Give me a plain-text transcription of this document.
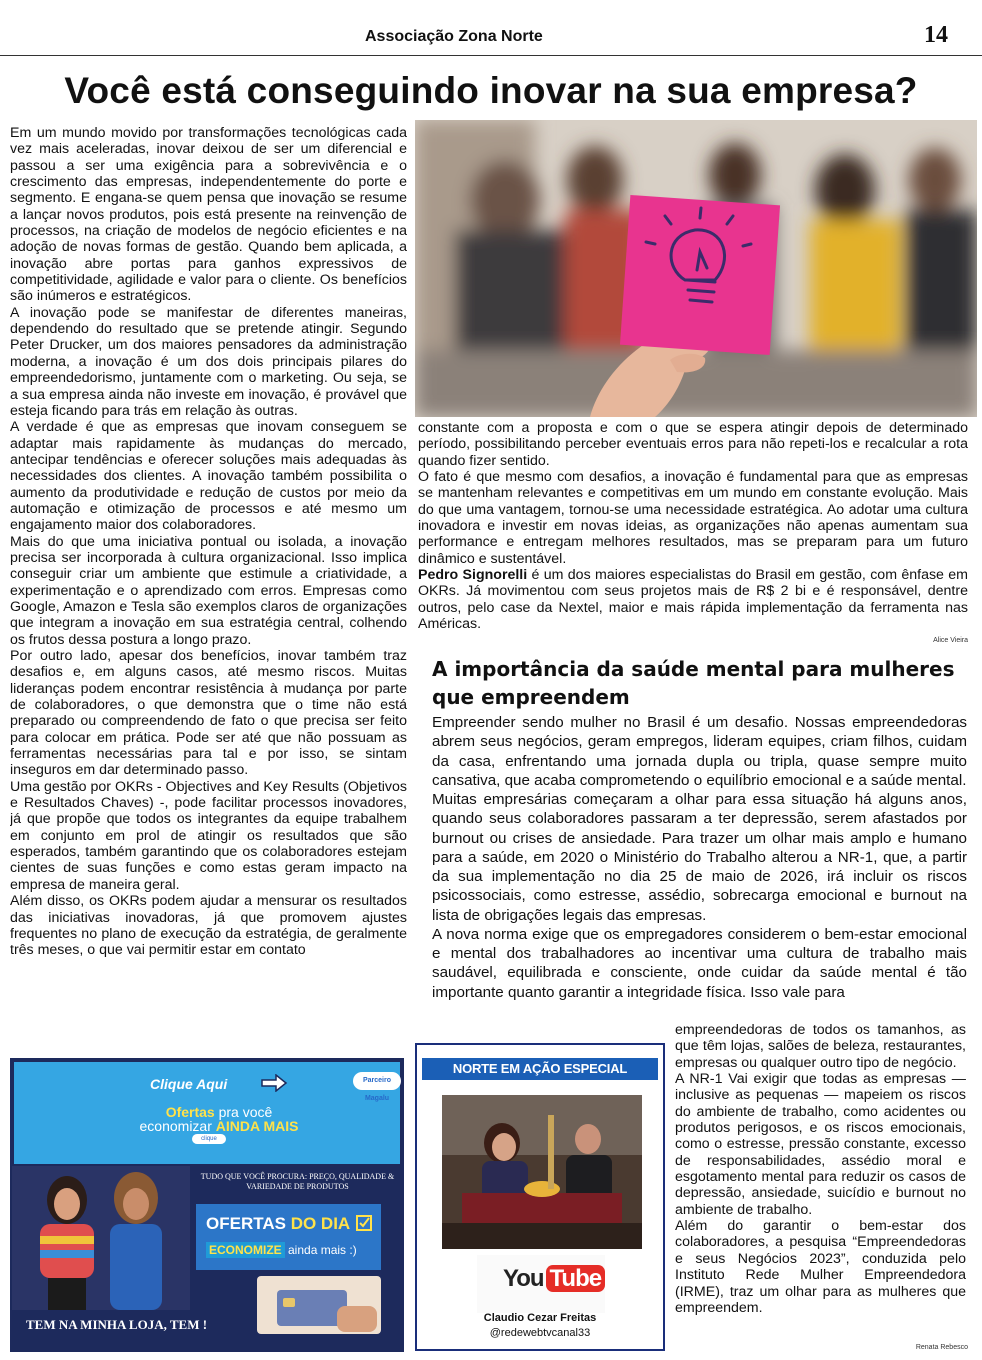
Associação Zona Norte	14
Você está conseguindo inovar na sua empresa?

Em um mundo movido por transformações tecnológicas cada vez mais aceleradas, inovar deixou de ser um diferencial e passou a ser uma exigência para a sobrevivência e o crescimento das empresas, independentemente do porte e segmento. E engana-se quem pensa que inovação se resume a lançar novos produtos, pois está presente na reinvenção de processos, na criação de modelos de negócio eficientes e na adoção de novas formas de gestão. Quando bem aplicada, a inovação abre portas para ganhos expressivos de competitividade, agilidade e valor para o cliente. Os benefícios são inúmeros e estratégicos.

A inovação pode se manifestar de diferentes maneiras, dependendo do resultado que se pretende atingir. Segundo Peter Drucker, um dos maiores pensadores da administração moderna, a inovação é um dos dois principais pilares do empreendedorismo, juntamente com o marketing. Ou seja, se a sua empresa ainda não investe em inovação, é provável que esteja ficando para trás em relação às outras.

A verdade é que as empresas que inovam conseguem se adaptar mais rapidamente às mudanças do mercado, antecipar tendências e oferecer soluções mais adequadas às necessidades dos clientes. A inovação também possibilita o aumento da produtividade e redução de custos por meio da automação e otimização de processos e até mesmo um engajamento maior dos colaboradores.

Mais do que uma iniciativa pontual ou isolada, a inovação precisa ser incorporada à cultura organizacional. Isso implica conseguir criar um ambiente que estimule a criatividade, a experimentação e o aprendizado com erros. Empresas como Google, Amazon e Tesla são exemplos claros de organizações que integram a inovação em sua estratégia central, colhendo os frutos dessa postura a longo prazo.

Por outro lado, apesar dos benefícios, inovar também traz desafios e, em alguns casos, até mesmo riscos. Muitas lideranças podem encontrar resistência à mudança por parte de colaboradores, o que demonstra que o time não está preparado ou compreendendo de fato o que precisa ser feito para colocar em prática. Pode ser até que não possuam as ferramentas necessárias para tal e por isso, se sintam inseguros em dar determinado passo.

Uma gestão por OKRs - Objectives and Key Results (Objetivos e Resultados Chaves) -, pode facilitar processos inovadores, já que propõe que todos os integrantes da equipe trabalhem em conjunto em prol de atingir os resultados que são esperados, também garantindo que os colaboradores estejam cientes de suas funções e como estas geram impacto na empresa de maneira geral.

Além disso, os OKRs podem ajudar a mensurar os resultados das iniciativas inovadoras, já que promovem ajustes frequentes no plano de execução da estratégia, de geralmente três meses, o que vai permitir estar em contato

constante com a proposta e com o que se espera atingir depois de determinado período, possibilitando perceber eventuais erros para não repeti-los e recalcular a rota quando fizer sentido.

O fato é que mesmo com desafios, a inovação é fundamental para que as empresas se mantenham relevantes e competitivas em um mundo em constante evolução. Mais do que uma vantagem, tornou-se uma necessidade estratégica. Ao adotar uma cultura inovadora e investir em novas ideias, as organizações não apenas aumentam sua performance e entregam melhores resultados, mas se preparam para um futuro dinâmico e sustentável.

Pedro Signorelli é um dos maiores especialistas do Brasil em gestão, com ênfase em OKRs. Já movimentou com seus projetos mais de R$ 2 bi e é responsável, dentre outros, pelo case da Nextel, maior e mais rápida implementação da ferramenta nas Américas.

Alice Vieira
A importância da saúde mental para mulheres que empreendem

Empreender sendo mulher no Brasil é um desafio. Nossas empreendedoras abrem seus negócios, geram empregos, lideram equipes, criam filhos, cuidam da casa, enfrentando uma jornada dupla ou tripla, quase sempre muito cansativa, que acaba comprometendo o equilíbrio emocional e a saúde mental.

Muitas empresárias começaram a olhar para essa situação há alguns anos, quando seus colaboradores passaram a ter depressão, serem afastados por burnout ou crises de ansiedade. Para trazer um olhar mais amplo e humano para a saúde, em 2020 o Ministério do Trabalho alterou a NR-1, que, a partir da sua implementação no dia 25 de maio de 2026, irá incluir os riscos psicossociais, como estresse, assédio, sobrecarga emocional e burnout na lista de obrigações legais das empresas.

A nova norma exige que os empregadores considerem o bem-estar emocional e mental dos trabalhadores ao incentivar uma cultura de trabalho mais saudável, equilibrada e consciente, onde cuidar da saúde mental é tão importante quanto garantir a integridade física. Isso vale para

empreendedoras de todos os tamanhos, as que têm lojas, salões de beleza, restaurantes, empresas ou qualquer outro tipo de negócio.

A NR-1 Vai exigir que todas as empresas — inclusive as pequenas — mapeiem os riscos do ambiente de trabalho, como acidentes ou produtos perigosos, e os riscos emocionais, como o estresse, pressão constante, excesso de responsabilidades, assédio moral e esgotamento mental para reduzir os casos de depressão, ansiedade, suicídio e burnout no ambiente de trabalho.

Além do garantir o bem-estar dos colaboradores, a pesquisa “Empreendedoras e seus Negócios 2023”, conduzida pelo Instituto Rede Mulher Empreendedora (IRME), traz um olhar para as mulheres que empreendem.

Renata Rebesco
Clique Aqui	Parceiro Magalu
Ofertas pra você
economizar AINDA MAIS
clique
TUDO QUE VOCÊ PROCURA: PREÇO, QUALIDADE & VARIEDADE DE PRODUTOS
OFERTAS DO DIA
ECONOMIZE ainda mais :)
TEM NA MINHA LOJA, TEM !
NORTE EM AÇÃO ESPECIAL
You Tube
Claudio Cezar Freitas
@redewebtvcanal33
